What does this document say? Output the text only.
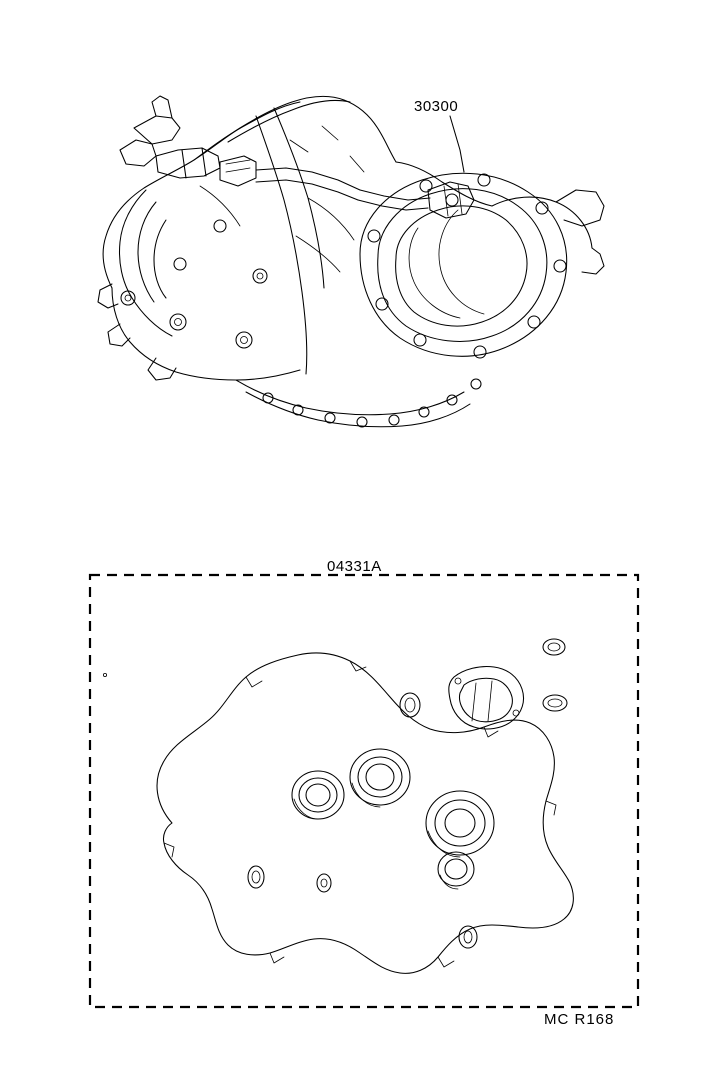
30300
04331A
MC R168
